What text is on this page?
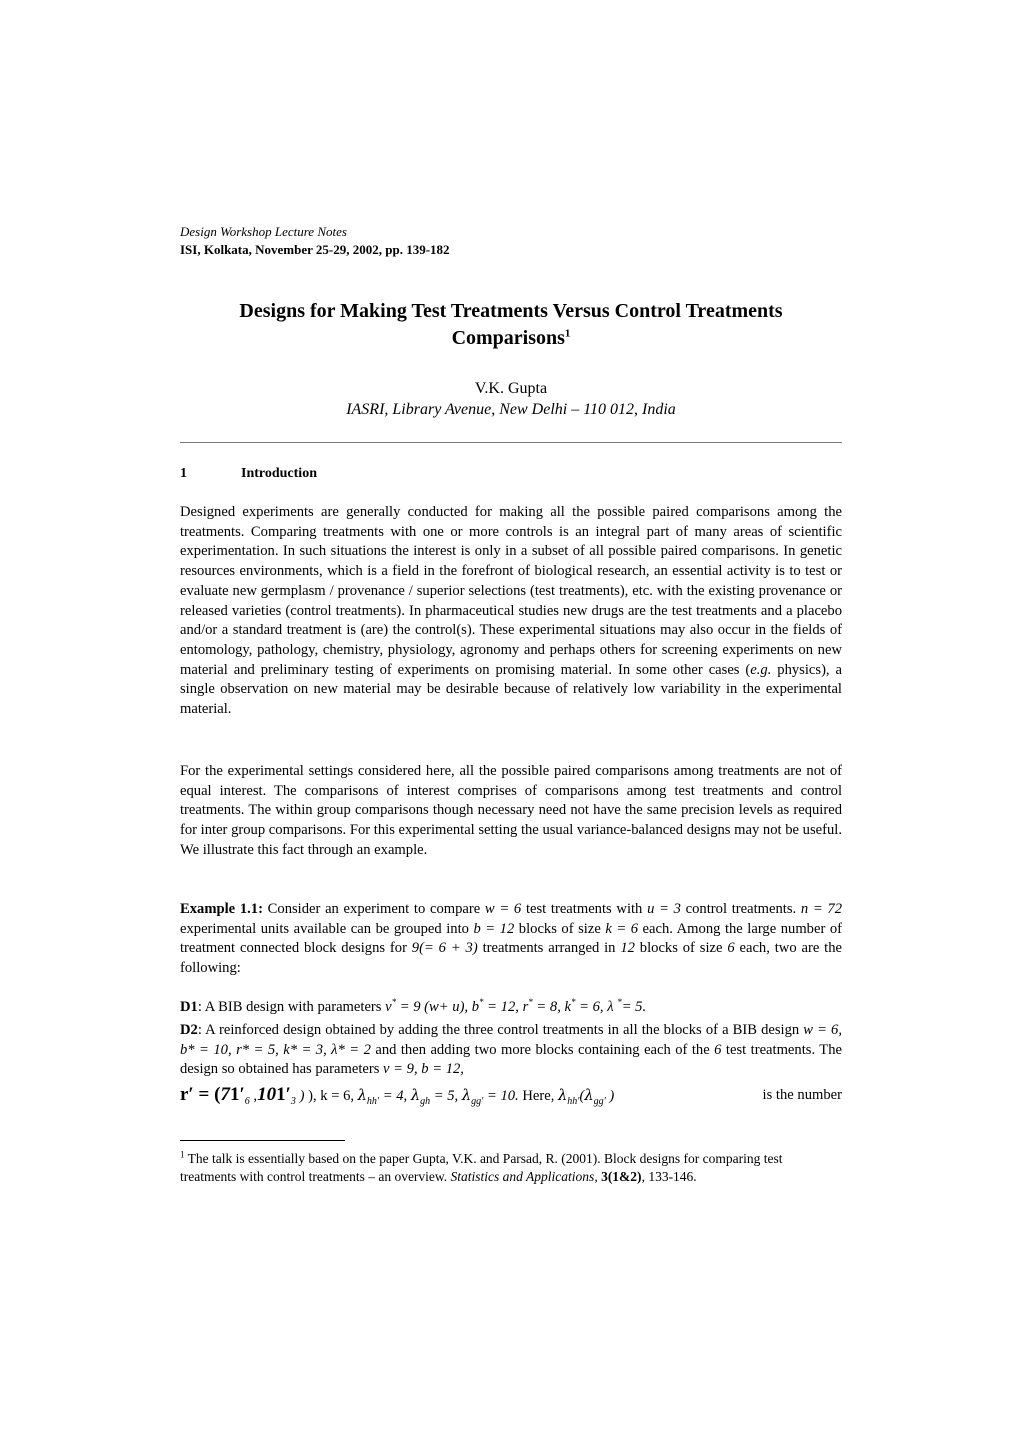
Design Workshop Lecture Notes
ISI, Kolkata, November 25-29, 2002, pp. 139-182
Designs for Making Test Treatments Versus Control Treatments
Comparisons$^1$
V.K. Gupta
IASRI, Library Avenue, New Delhi – 110 012, India
1	Introduction
Designed experiments are generally conducted for making all the possible paired comparisons among the treatments. Comparing treatments with one or more controls is an integral part of many areas of scientific experimentation. In such situations the interest is only in a subset of all possible paired comparisons. In genetic resources environments, which is a field in the forefront of biological research, an essential activity is to test or evaluate new germplasm / provenance / superior selections (test treatments), etc. with the existing provenance or released varieties (control treatments). In pharmaceutical studies new drugs are the test treatments and a placebo and/or a standard treatment is (are) the control(s). These experimental situations may also occur in the fields of entomology, pathology, chemistry, physiology, agronomy and perhaps others for screening experiments on new material and preliminary testing of experiments on promising material. In some other cases (e.g. physics), a single observation on new material may be desirable because of relatively low variability in the experimental material.
For the experimental settings considered here, all the possible paired comparisons among treatments are not of equal interest. The comparisons of interest comprises of comparisons among test treatments and control treatments. The within group comparisons though necessary need not have the same precision levels as required for inter group comparisons. For this experimental setting the usual variance-balanced designs may not be useful. We illustrate this fact through an example.
Example 1.1: Consider an experiment to compare w = 6 test treatments with u = 3 control treatments. n = 72 experimental units available can be grouped into b = 12 blocks of size k = 6 each. Among the large number of treatment connected block designs for 9(= 6 + 3) treatments arranged in 12 blocks of size 6 each, two are the following:
D1: A BIB design with parameters v* = 9 (w+ u), b* = 12, r* = 8, k* = 6, λ *= 5.
D2: A reinforced design obtained by adding the three control treatments in all the blocks of a BIB design w = 6, b* = 10, r* = 5, k* = 3, λ* = 2 and then adding two more blocks containing each of the 6 test treatments. The design so obtained has parameters v = 9, b = 12,
$r' = (71'_6$ $,101'_3$ ) ), k = 6, $\lambda_{hh'} = 4$, $\lambda_{gh} = 5$, $\lambda_{gg'} = 10$. Here, $\lambda_{hh'}(\lambda_{gg'}$ )	is the number
$^1$ The talk is essentially based on the paper Gupta, V.K. and Parsad, R. (2001). Block designs for comparing test treatments with control treatments – an overview. Statistics and Applications, 3(1&2), 133-146.
